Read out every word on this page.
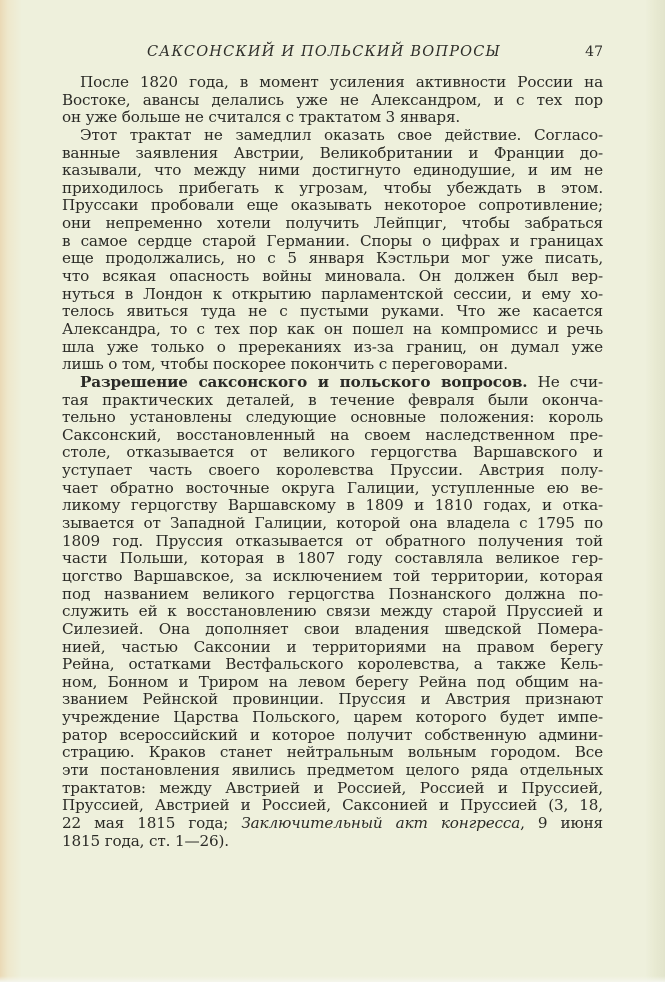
САКСОНСКИЙ И ПОЛЬСКИЙ ВОПРОСЫ	47
После 1820 года, в момент усиления активности России на
Востоке, авансы делались уже не Александром, и с тех пор
он уже больше не считался с трактатом 3 января.
Этот трактат не замедлил оказать свое действие. Согласо-
ванные заявления Австрии, Великобритании и Франции до-
казывали, что между ними достигнуто единодушие, и им не
приходилось прибегать к угрозам, чтобы убеждать в этом.
Пруссаки пробовали еще оказывать некоторое сопротивление;
они непременно хотели получить Лейпциг, чтобы забраться
в самое сердце старой Германии. Споры о цифрах и границах
еще продолжались, но с 5 января Кэстльри мог уже писать,
что всякая опасность войны миновала. Он должен был вер-
нуться в Лондон к открытию парламентской сессии, и ему хо-
телось явиться туда не с пустыми руками. Что же касается
Александра, то с тех пор как он пошел на компромисс и речь
шла уже только о пререканиях из-за границ, он думал уже
лишь о том, чтобы поскорее покончить с переговорами.
Разрешение саксонского и польского вопросов. Не счи-
тая практических деталей, в течение февраля были оконча-
тельно установлены следующие основные положения: король
Саксонский, восстановленный на своем наследственном пре-
столе, отказывается от великого герцогства Варшавского и
уступает часть своего королевства Пруссии. Австрия полу-
чает обратно восточные округа Галиции, уступленные ею ве-
ликому герцогству Варшавскому в 1809 и 1810 годах, и отка-
зывается от Западной Галиции, которой она владела с 1795 по
1809 год. Пруссия отказывается от обратного получения той
части Польши, которая в 1807 году составляла великое гер-
цогство Варшавское, за исключением той территории, которая
под названием великого герцогства Познанского должна по-
служить ей к восстановлению связи между старой Пруссией и
Силезией. Она дополняет свои владения шведской Помера-
нией, частью Саксонии и территориями на правом берегу
Рейна, остатками Вестфальского королевства, а также Кель-
ном, Бонном и Триром на левом берегу Рейна под общим на-
званием Рейнской провинции. Пруссия и Австрия признают
учреждение Царства Польского, царем которого будет импе-
ратор всероссийский и которое получит собственную админи-
страцию. Краков станет нейтральным вольным городом. Все
эти постановления явились предметом целого ряда отдельных
трактатов: между Австрией и Россией, Россией и Пруссией,
Пруссией, Австрией и Россией, Саксонией и Пруссией (3, 18,
22 мая 1815 года; Заключительный акт конгресса, 9 июня
1815 года, ст. 1—26).
